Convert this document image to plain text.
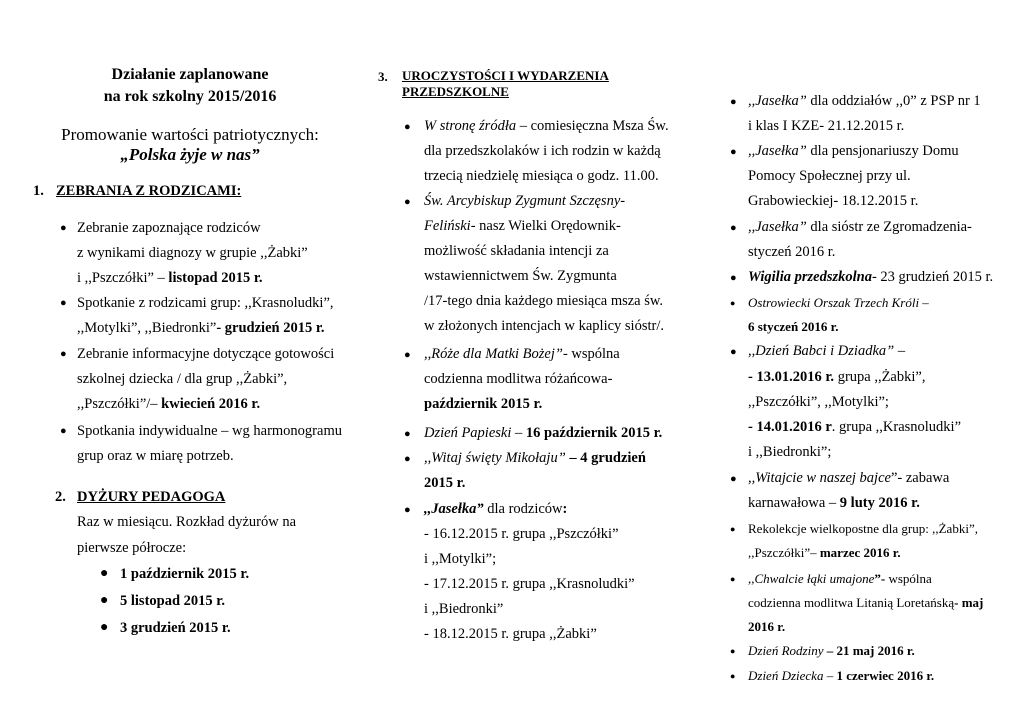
Działanie zaplanowane
na rok szkolny 2015/2016
Promowanie wartości patriotycznych:
„Polska żyje w nas”
1. ZEBRANIA Z RODZICAMI:
● Zebranie zapoznające rodziców
z wynikami diagnozy w grupie ,,Żabki”
i ,,Pszczółki” – listopad 2015 r.
● Spotkanie z rodzicami grup: ,,Krasnoludki”,
,,Motylki”, ,,Biedronki”- grudzień 2015 r.
● Zebranie informacyjne dotyczące gotowości
szkolnej dziecka / dla grup ,,Żabki”,
,,Pszczółki”/– kwiecień 2016 r.
● Spotkania indywidualne – wg harmonogramu
grup oraz w miarę potrzeb.
2. DYŻURY PEDAGOGA
Raz w miesiącu. Rozkład dyżurów na
pierwsze półrocze:
● 1 październik 2015 r.
● 5 listopad 2015 r.
● 3 grudzień 2015 r.
3. UROCZYSTOŚCI I WYDARZENIA
PRZEDSZKOLNE
● W stronę źródła – comiesięczna Msza Św.
dla przedszkolaków i ich rodzin w każdą
trzecią niedzielę miesiąca o godz. 11.00.
● Św. Arcybiskup Zygmunt Szczęsny-
Feliński- nasz Wielki Orędownik-
możliwość składania intencji za
wstawiennictwem Św. Zygmunta
/17-tego dnia każdego miesiąca msza św.
w złożonych intencjach w kaplicy sióstr/.
● ,,Róże dla Matki Bożej”- wspólna
codzienna modlitwa różańcowa-
październik 2015 r.
● Dzień Papieski – 16 październik 2015 r.
● ,,Witaj święty Mikołaju” – 4 grudzień
2015 r.
● ,,Jasełka” dla rodziców:
- 16.12.2015 r. grupa ,,Pszczółki”
i ,,Motylki”;
- 17.12.2015 r. grupa ,,Krasnoludki”
i ,,Biedronki”
- 18.12.2015 r. grupa ,,Żabki”
● ,,Jasełka” dla oddziałów ,,0” z PSP nr 1
i klas I KZE- 21.12.2015 r.
● ,,Jasełka” dla pensjonariuszy Domu
Pomocy Społecznej przy ul.
Grabowieckiej- 18.12.2015 r.
● ,,Jasełka” dla sióstr ze Zgromadzenia-
styczeń 2016 r.
● Wigilia przedszkolna- 23 grudzień 2015 r.
● Ostrowiecki Orszak Trzech Króli –
6 styczeń 2016 r.
● ,,Dzień Babci i Dziadka” –
- 13.01.2016 r. grupa ,,Żabki”,
,,Pszczółki”, ,,Motylki”;
- 14.01.2016 r. grupa ,,Krasnoludki”
i ,,Biedronki”;
● ,,Witajcie w naszej bajce”- zabawa
karnawałowa – 9 luty 2016 r.
● Rekolekcje wielkopostne dla grup: ,,Żabki”,
,,Pszczółki”– marzec 2016 r.
● ,,Chwalcie łąki umajone”- wspólna
codzienna modlitwa Litanią Loretańską- maj
2016 r.
● Dzień Rodziny – 21 maj 2016 r.
● Dzień Dziecka – 1 czerwiec 2016 r.
